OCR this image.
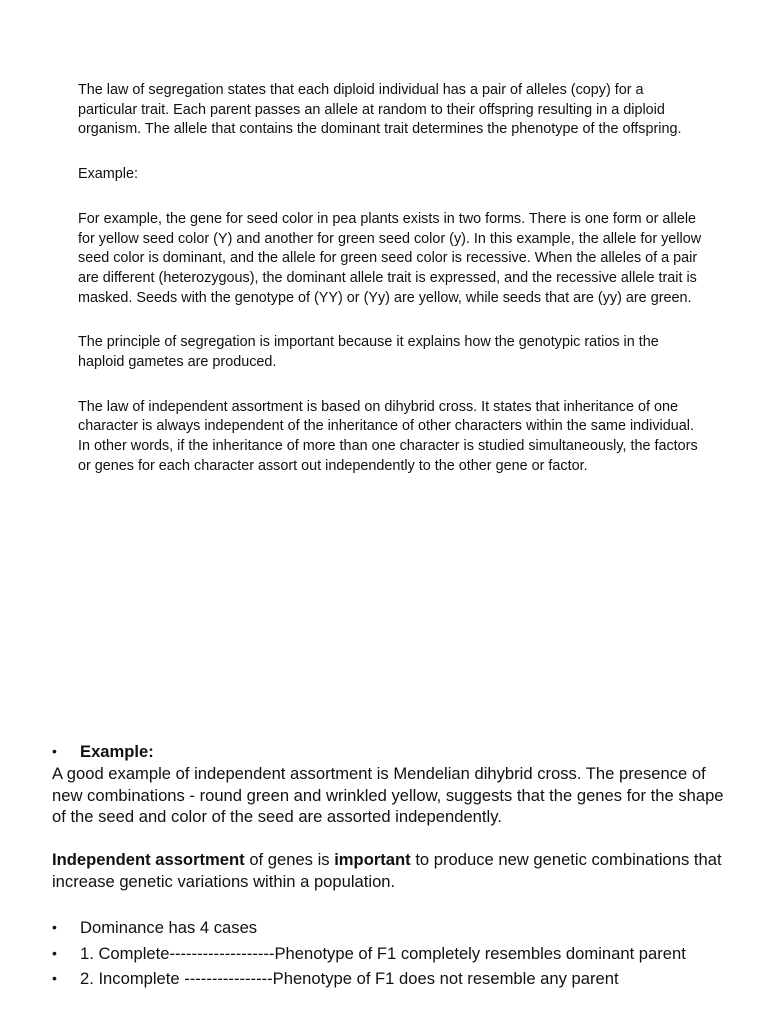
The law of segregation states that each diploid individual has a pair of alleles (copy) for a particular trait. Each parent passes an allele at random to their offspring resulting in a diploid organism. The allele that contains the dominant trait determines the phenotype of the offspring.

Example:

For example, the gene for seed color in pea plants exists in two forms. There is one form or allele for yellow seed color (Y) and another for green seed color (y). In this example, the allele for yellow seed color is dominant, and the allele for green seed color is recessive. When the alleles of a pair are different (heterozygous), the dominant allele trait is expressed, and the recessive allele trait is masked. Seeds with the genotype of (YY) or (Yy) are yellow, while seeds that are (yy) are green.

The principle of segregation is important because it explains how the genotypic ratios in the haploid gametes are produced.

The law of independent assortment is based on dihybrid cross. It states that inheritance of one character is always independent of the inheritance of other characters within the same individual. In other words, if the inheritance of more than one character is studied simultaneously, the factors or genes for each character assort out independently to the other gene or factor.

• Example:

A good example of independent assortment is Mendelian dihybrid cross. The presence of new combinations - round green and wrinkled yellow, suggests that the genes for the shape of the seed and color of the seed are assorted independently.

Independent assortment of genes is important to produce new genetic combinations that increase genetic variations within a population.

• Dominance has 4 cases
• 1. Complete-------------------Phenotype of F1 completely resembles dominant parent
• 2. Incomplete ----------------Phenotype of F1 does not resemble any parent
